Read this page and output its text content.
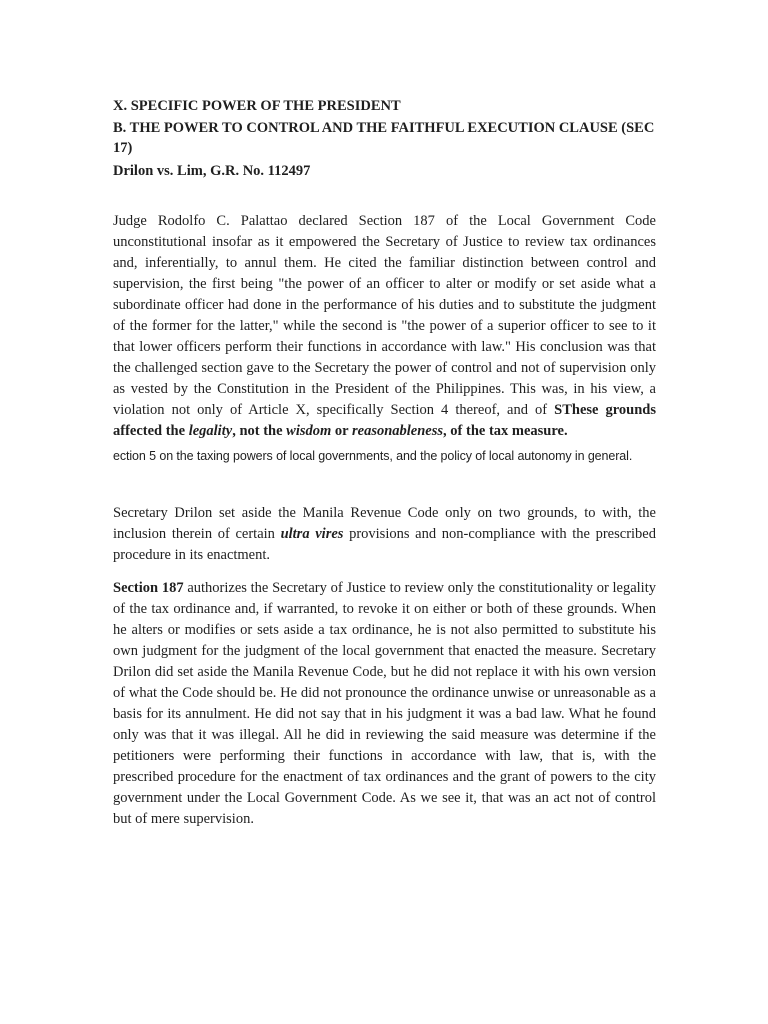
X. SPECIFIC POWER OF THE PRESIDENT
B. THE POWER TO CONTROL AND THE FAITHFUL EXECUTION CLAUSE (SEC 17)
Drilon vs. Lim, G.R. No. 112497

Judge Rodolfo C. Palattao declared Section 187 of the Local Government Code unconstitutional insofar as it empowered the Secretary of Justice to review tax ordinances and, inferentially, to annul them. He cited the familiar distinction between control and supervision, the first being "the power of an officer to alter or modify or set aside what a subordinate officer had done in the performance of his duties and to substitute the judgment of the former for the latter," while the second is "the power of a superior officer to see to it that lower officers perform their functions in accordance with law." His conclusion was that the challenged section gave to the Secretary the power of control and not of supervision only as vested by the Constitution in the President of the Philippines. This was, in his view, a violation not only of Article X, specifically Section 4 thereof, and of SThese grounds affected the legality, not the wisdom or reasonableness, of the tax measure.

ection 5 on the taxing powers of local governments, and the policy of local autonomy in general.

Secretary Drilon set aside the Manila Revenue Code only on two grounds, to with, the inclusion therein of certain ultra vires provisions and non-compliance with the prescribed procedure in its enactment.

Section 187 authorizes the Secretary of Justice to review only the constitutionality or legality of the tax ordinance and, if warranted, to revoke it on either or both of these grounds. When he alters or modifies or sets aside a tax ordinance, he is not also permitted to substitute his own judgment for the judgment of the local government that enacted the measure. Secretary Drilon did set aside the Manila Revenue Code, but he did not replace it with his own version of what the Code should be. He did not pronounce the ordinance unwise or unreasonable as a basis for its annulment. He did not say that in his judgment it was a bad law. What he found only was that it was illegal. All he did in reviewing the said measure was determine if the petitioners were performing their functions in accordance with law, that is, with the prescribed procedure for the enactment of tax ordinances and the grant of powers to the city government under the Local Government Code. As we see it, that was an act not of control but of mere supervision.
